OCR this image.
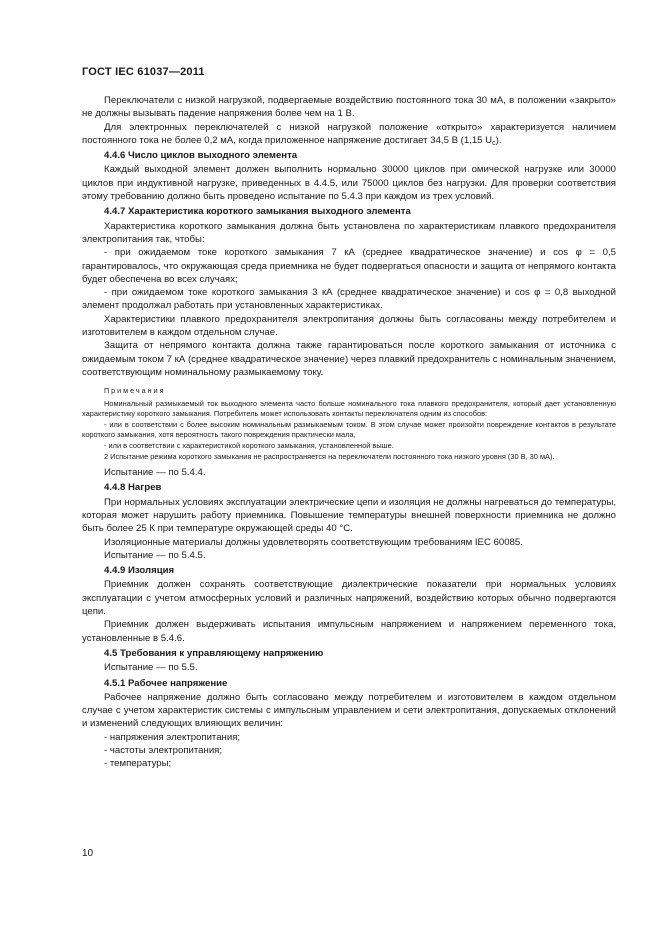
ГОСТ IEC 61037—2011

Переключатели с низкой нагрузкой, подвергаемые воздействию постоянного тока 30 мА, в положении «закрыто» не должны вызывать падение напряжения более чем на 1 В.

Для электронных переключателей с низкой нагрузкой положение «открыто» характеризуется наличием постоянного тока не более 0,2 мА, когда приложенное напряжение достигает 34,5 В (1,15 $U_c$).

4.4.6 Число циклов выходного элемента

Каждый выходной элемент должен выполнить нормально 30000 циклов при омической нагрузке или 30000 циклов при индуктивной нагрузке, приведенных в 4.4.5, или 75000 циклов без нагрузки. Для проверки соответствия этому требованию должно быть проведено испытание по 5.4.3 при каждом из трех условий.

4.4.7 Характеристика короткого замыкания выходного элемента

Характеристика короткого замыкания должна быть установлена по характеристикам плавкого предохранителя электропитания так, чтобы:

- при ожидаемом токе короткого замыкания 7 кА (среднее квадратическое значение) и cos φ = 0,5 гарантировалось, что окружающая среда приемника не будет подвергаться опасности и защита от непрямого контакта будет обеспечена во всех случаях;

- при ожидаемом токе короткого замыкания 3 кА (среднее квадратическое значение) и cos φ = 0,8 выходной элемент продолжал работать при установленных характеристиках.

Характеристики плавкого предохранителя электропитания должны быть согласованы между потребителем и изготовителем в каждом отдельном случае.

Защита от непрямого контакта должна также гарантироваться после короткого замыкания от источника с ожидаемым током 7 кА (среднее квадратическое значение) через плавкий предохранитель с номинальным значением, соответствующим номинальному размыкаемому току.

Примечания

Номинальный размыкаемый ток выходного элемента часто больше номинального тока плавкого предохранителя, который дает установленную характеристику короткого замыкания. Потребитель может использовать контакты переключателя одним из способов:

- или в соответствии с более высоким номинальным размыкаемым током. В этом случае может произойти повреждение контактов в результате короткого замыкания, хотя вероятность такого повреждения практически мала,

- или в соответствии с характеристикой короткого замыкания, установленной выше.

2 Испытание режима короткого замыкания не распространяется на переключатели постоянного тока низкого уровня (30 В, 30 мА).

Испытание — по 5.4.4.

4.4.8 Нагрев

При нормальных условиях эксплуатации электрические цепи и изоляция не должны нагреваться до температуры, которая может нарушить работу приемника. Повышение температуры внешней поверхности приемника не должно быть более 25 К при температуре окружающей среды 40 °С.

Изоляционные материалы должны удовлетворять соответствующим требованиям IEC 60085.

Испытание — по 5.4.5.

4.4.9 Изоляция

Приемник должен сохранять соответствующие диэлектрические показатели при нормальных условиях эксплуатации с учетом атмосферных условий и различных напряжений, воздействию которых обычно подвергаются цепи.

Приемник должен выдерживать испытания импульсным напряжением и напряжением переменного тока, установленные в 5.4.6.

4.5 Требования к управляющему напряжению

Испытание — по 5.5.

4.5.1 Рабочее напряжение

Рабочее напряжение должно быть согласовано между потребителем и изготовителем в каждом отдельном случае с учетом характеристик системы с импульсным управлением и сети электропитания, допускаемых отклонений и изменений следующих влияющих величин:

- напряжения электропитания;

- частоты электропитания;

- температуры;

10
